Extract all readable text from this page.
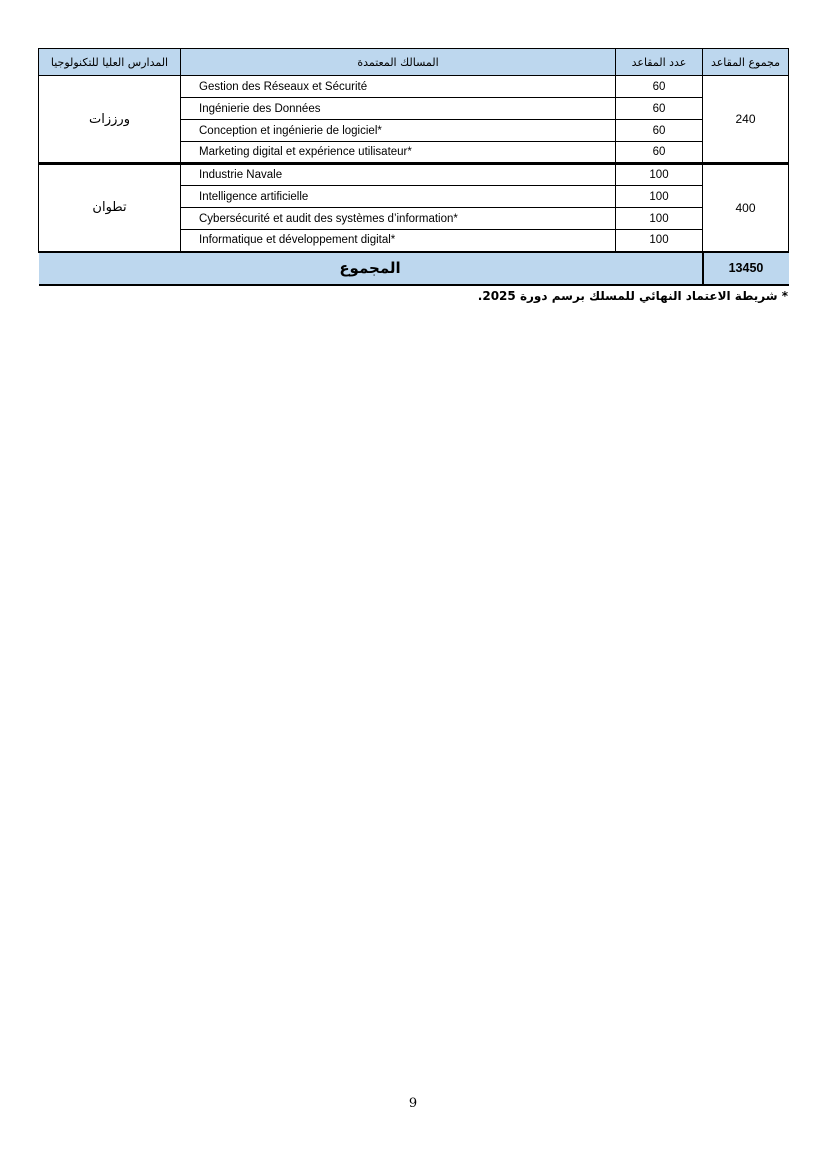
المدارس العليا للتكنولوجيا	المسالك المعتمدة	عدد المقاعد	مجموع المقاعد
ورززات	Gestion des Réseaux et Sécurité	60	240
	Ingénierie des Données	60	
	Conception et ingénierie de logiciel*	60	
	Marketing digital et expérience utilisateur*	60	
تطوان	Industrie Navale	100	400
	Intelligence artificielle	100	
	Cybersécurité et audit des systèmes d’information*	100	
	Informatique et développement digital*	100	
المجموع			13450
* شريطة الاعتماد النهائي للمسلك برسم دورة 2025.
9
